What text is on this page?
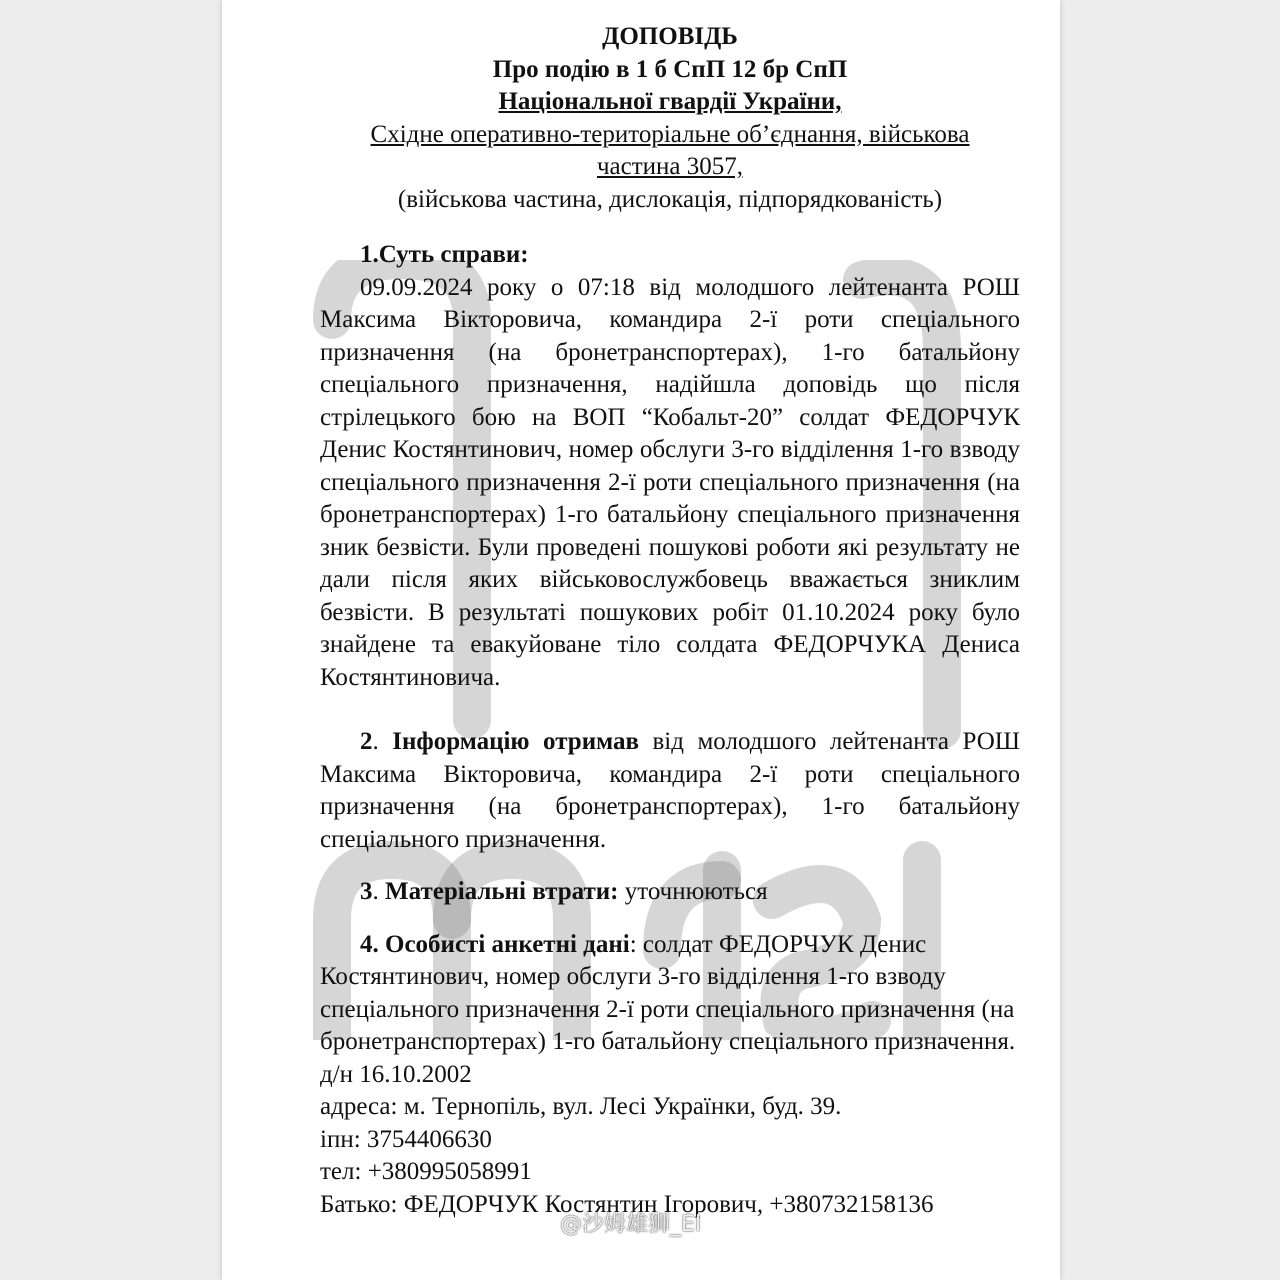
ДОПОВІДЬ
Про подію в 1 б СпП 12 бр СпП
Національної гвардії України,
Східне оперативно-територіальне об’єднання, військова
частина 3057,
(військова частина, дислокація, підпорядкованість)
1.Суть справи:
09.09.2024 року о 07:18 від молодшого лейтенанта РОШ Максима Вікторовича, командира 2-ї роти спеціального призначення (на бронетранспортерах), 1-го батальйону спеціального призначення, надійшла доповідь що після стрілецького бою на ВОП “Кобальт-20” солдат ФЕДОРЧУК Денис Костянтинович, номер обслуги 3-го відділення 1-го взводу спеціального призначення 2-ї роти спеціального призначення (на бронетранспортерах) 1-го батальйону спеціального призначення зник безвісти. Були проведені пошукові роботи які результату не дали після яких військовослужбовець вважається зниклим безвісти. В результаті пошукових робіт 01.10.2024 року було знайдене та евакуйоване тіло солдата ФЕДОРЧУКА Дениса Костянтиновича.
2. Інформацію отримав від молодшого лейтенанта РОШ Максима Вікторовича, командира 2-ї роти спеціального призначення (на бронетранспортерах), 1-го батальйону спеціального призначення.
3. Матеріальні втрати: уточнюються
4. Особисті анкетні дані: солдат ФЕДОРЧУК Денис Костянтинович, номер обслуги 3-го відділення 1-го взводу спеціального призначення 2-ї роти спеціального призначення (на бронетранспортерах) 1-го батальйону спеціального призначення.
д/н 16.10.2002
адреса: м. Тернопіль, вул. Лесі Українки, буд. 39.
іпн: 3754406630
тел: +380995058991
Батько: ФЕДОРЧУК Костянтин Ігорович, +380732158136
@沙姆雄狮_El
